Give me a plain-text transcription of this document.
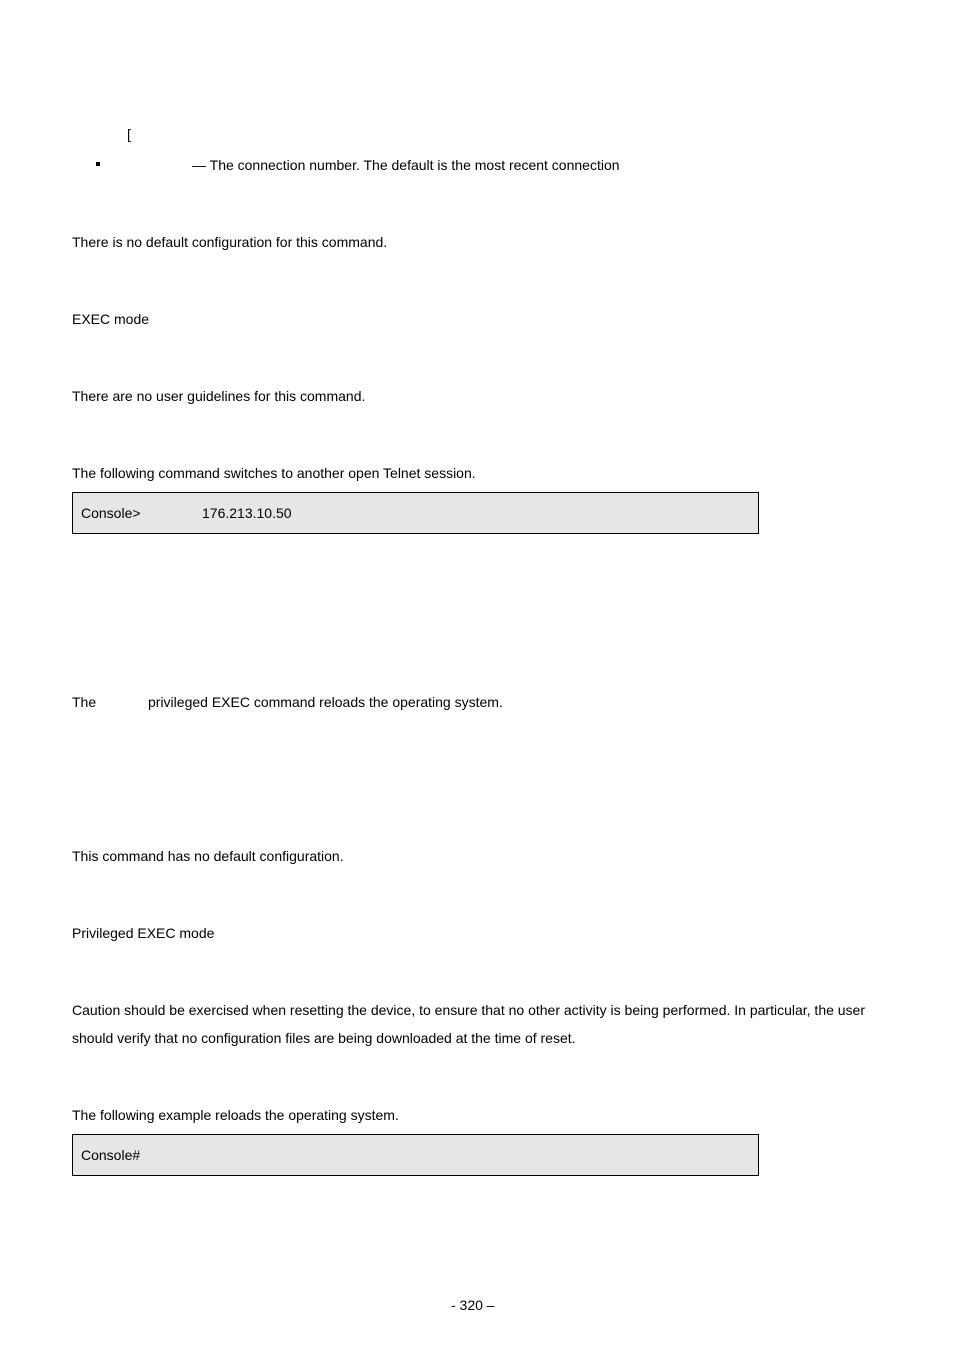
[
— The connection number. The default is the most recent connection
There is no default configuration for this command.
EXEC mode
There are no user guidelines for this command.
The following command switches to another open Telnet session.
Console>	176.213.10.50
The	privileged EXEC command reloads the operating system.
This command has no default configuration.
Privileged EXEC mode
Caution should be exercised when resetting the device, to ensure that no other activity is being performed. In particular, the user should verify that no configuration files are being downloaded at the time of reset.
The following example reloads the operating system.
Console#
- 320 –
